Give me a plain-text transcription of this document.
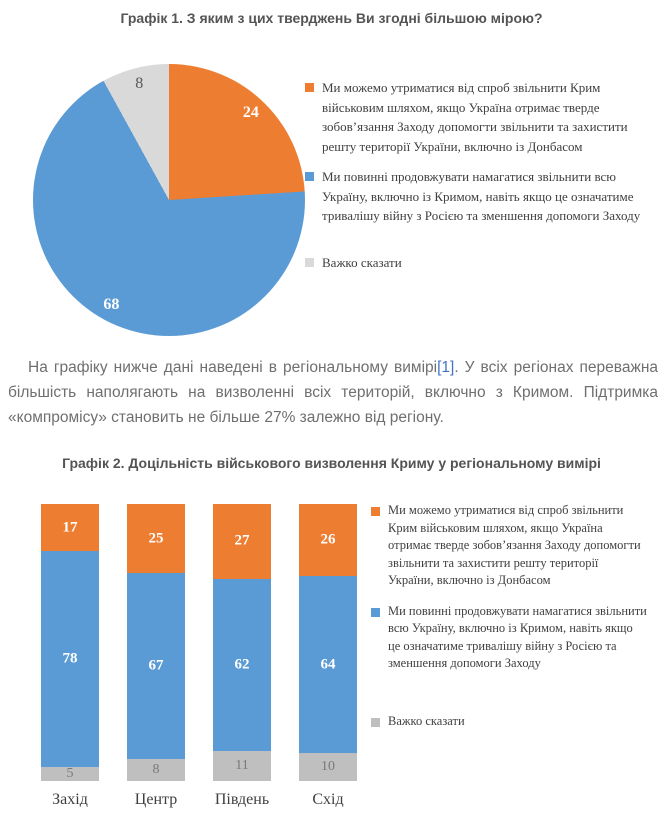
Графік 1. З яким з цих тверджень Ви згодні більшою мірою?
24
68
8	Ми можемо утриматися від спроб звільнити Крим військовим шляхом, якщо Україна отримає тверде зобов’язання Заходу допомогти звільнити та захистити решту території України, включно із Донбасом
Ми повинні продовжувати намагатися звільнити всю Україну, включно із Кримом, навіть якщо це означатиме тривалішу війну з Росією та зменшення допомоги Заходу
Важко сказати

На графіку нижче дані наведені в регіональному вимірі[1]. У всіх регіонах переважна більшість наполягають на визволенні всіх територій, включно з Кримом. Підтримка «компромісу» становить не більше 27% залежно від регіону.

Графік 2. Доцільність військового визволення Криму у регіональному вимірі
17
78
5
Захід
25
67
8
Центр
27
62
11
Південь
26
64
10
Схід
Ми можемо утриматися від спроб звільнити Крим військовим шляхом, якщо Україна отримає тверде зобов’язання Заходу допомогти звільнити та захистити решту території України, включно із Донбасом
Ми повинні продовжувати намагатися звільнити всю Україну, включно із Кримом, навіть якщо це означатиме тривалішу війну з Росією та зменшення допомоги Заходу
Важко сказати
